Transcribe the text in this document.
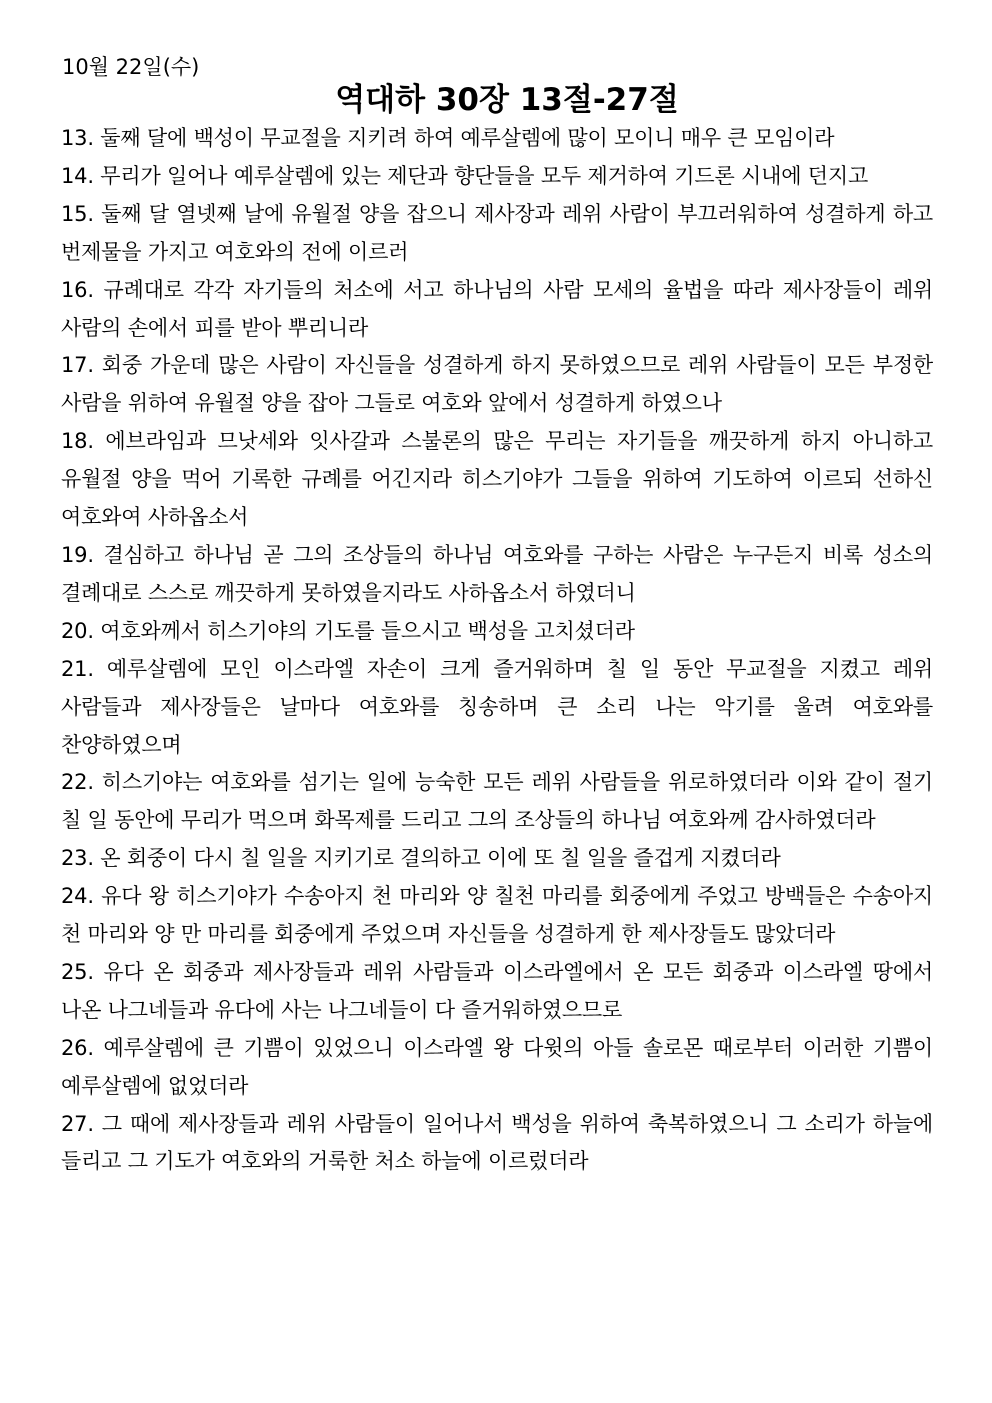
10월 22일(수)
역대하 30장 13절-27절
13. 둘째 달에 백성이 무교절을 지키려 하여 예루살렘에 많이 모이니 매우 큰 모임이라
14. 무리가 일어나 예루살렘에 있는 제단과 향단들을 모두 제거하여 기드론 시내에 던지고
15. 둘째 달 열넷째 날에 유월절 양을 잡으니 제사장과 레위 사람이 부끄러워하여 성결하게 하고 번제물을 가지고 여호와의 전에 이르러
16. 규례대로 각각 자기들의 처소에 서고 하나님의 사람 모세의 율법을 따라 제사장들이 레위 사람의 손에서 피를 받아 뿌리니라
17. 회중 가운데 많은 사람이 자신들을 성결하게 하지 못하였으므로 레위 사람들이 모든 부정한 사람을 위하여 유월절 양을 잡아 그들로 여호와 앞에서 성결하게 하였으나
18. 에브라임과 므낫세와 잇사갈과 스불론의 많은 무리는 자기들을 깨끗하게 하지 아니하고 유월절 양을 먹어 기록한 규례를 어긴지라 히스기야가 그들을 위하여 기도하여 이르되 선하신 여호와여 사하옵소서
19. 결심하고 하나님 곧 그의 조상들의 하나님 여호와를 구하는 사람은 누구든지 비록 성소의 결례대로 스스로 깨끗하게 못하였을지라도 사하옵소서 하였더니
20. 여호와께서 히스기야의 기도를 들으시고 백성을 고치셨더라
21. 예루살렘에 모인 이스라엘 자손이 크게 즐거워하며 칠 일 동안 무교절을 지켰고 레위 사람들과 제사장들은 날마다 여호와를 칭송하며 큰 소리 나는 악기를 울려 여호와를 찬양하였으며
22. 히스기야는 여호와를 섬기는 일에 능숙한 모든 레위 사람들을 위로하였더라 이와 같이 절기 칠 일 동안에 무리가 먹으며 화목제를 드리고 그의 조상들의 하나님 여호와께 감사하였더라
23. 온 회중이 다시 칠 일을 지키기로 결의하고 이에 또 칠 일을 즐겁게 지켰더라
24. 유다 왕 히스기야가 수송아지 천 마리와 양 칠천 마리를 회중에게 주었고 방백들은 수송아지 천 마리와 양 만 마리를 회중에게 주었으며 자신들을 성결하게 한 제사장들도 많았더라
25. 유다 온 회중과 제사장들과 레위 사람들과 이스라엘에서 온 모든 회중과 이스라엘 땅에서 나온 나그네들과 유다에 사는 나그네들이 다 즐거워하였으므로
26. 예루살렘에 큰 기쁨이 있었으니 이스라엘 왕 다윗의 아들 솔로몬 때로부터 이러한 기쁨이 예루살렘에 없었더라
27. 그 때에 제사장들과 레위 사람들이 일어나서 백성을 위하여 축복하였으니 그 소리가 하늘에 들리고 그 기도가 여호와의 거룩한 처소 하늘에 이르렀더라
